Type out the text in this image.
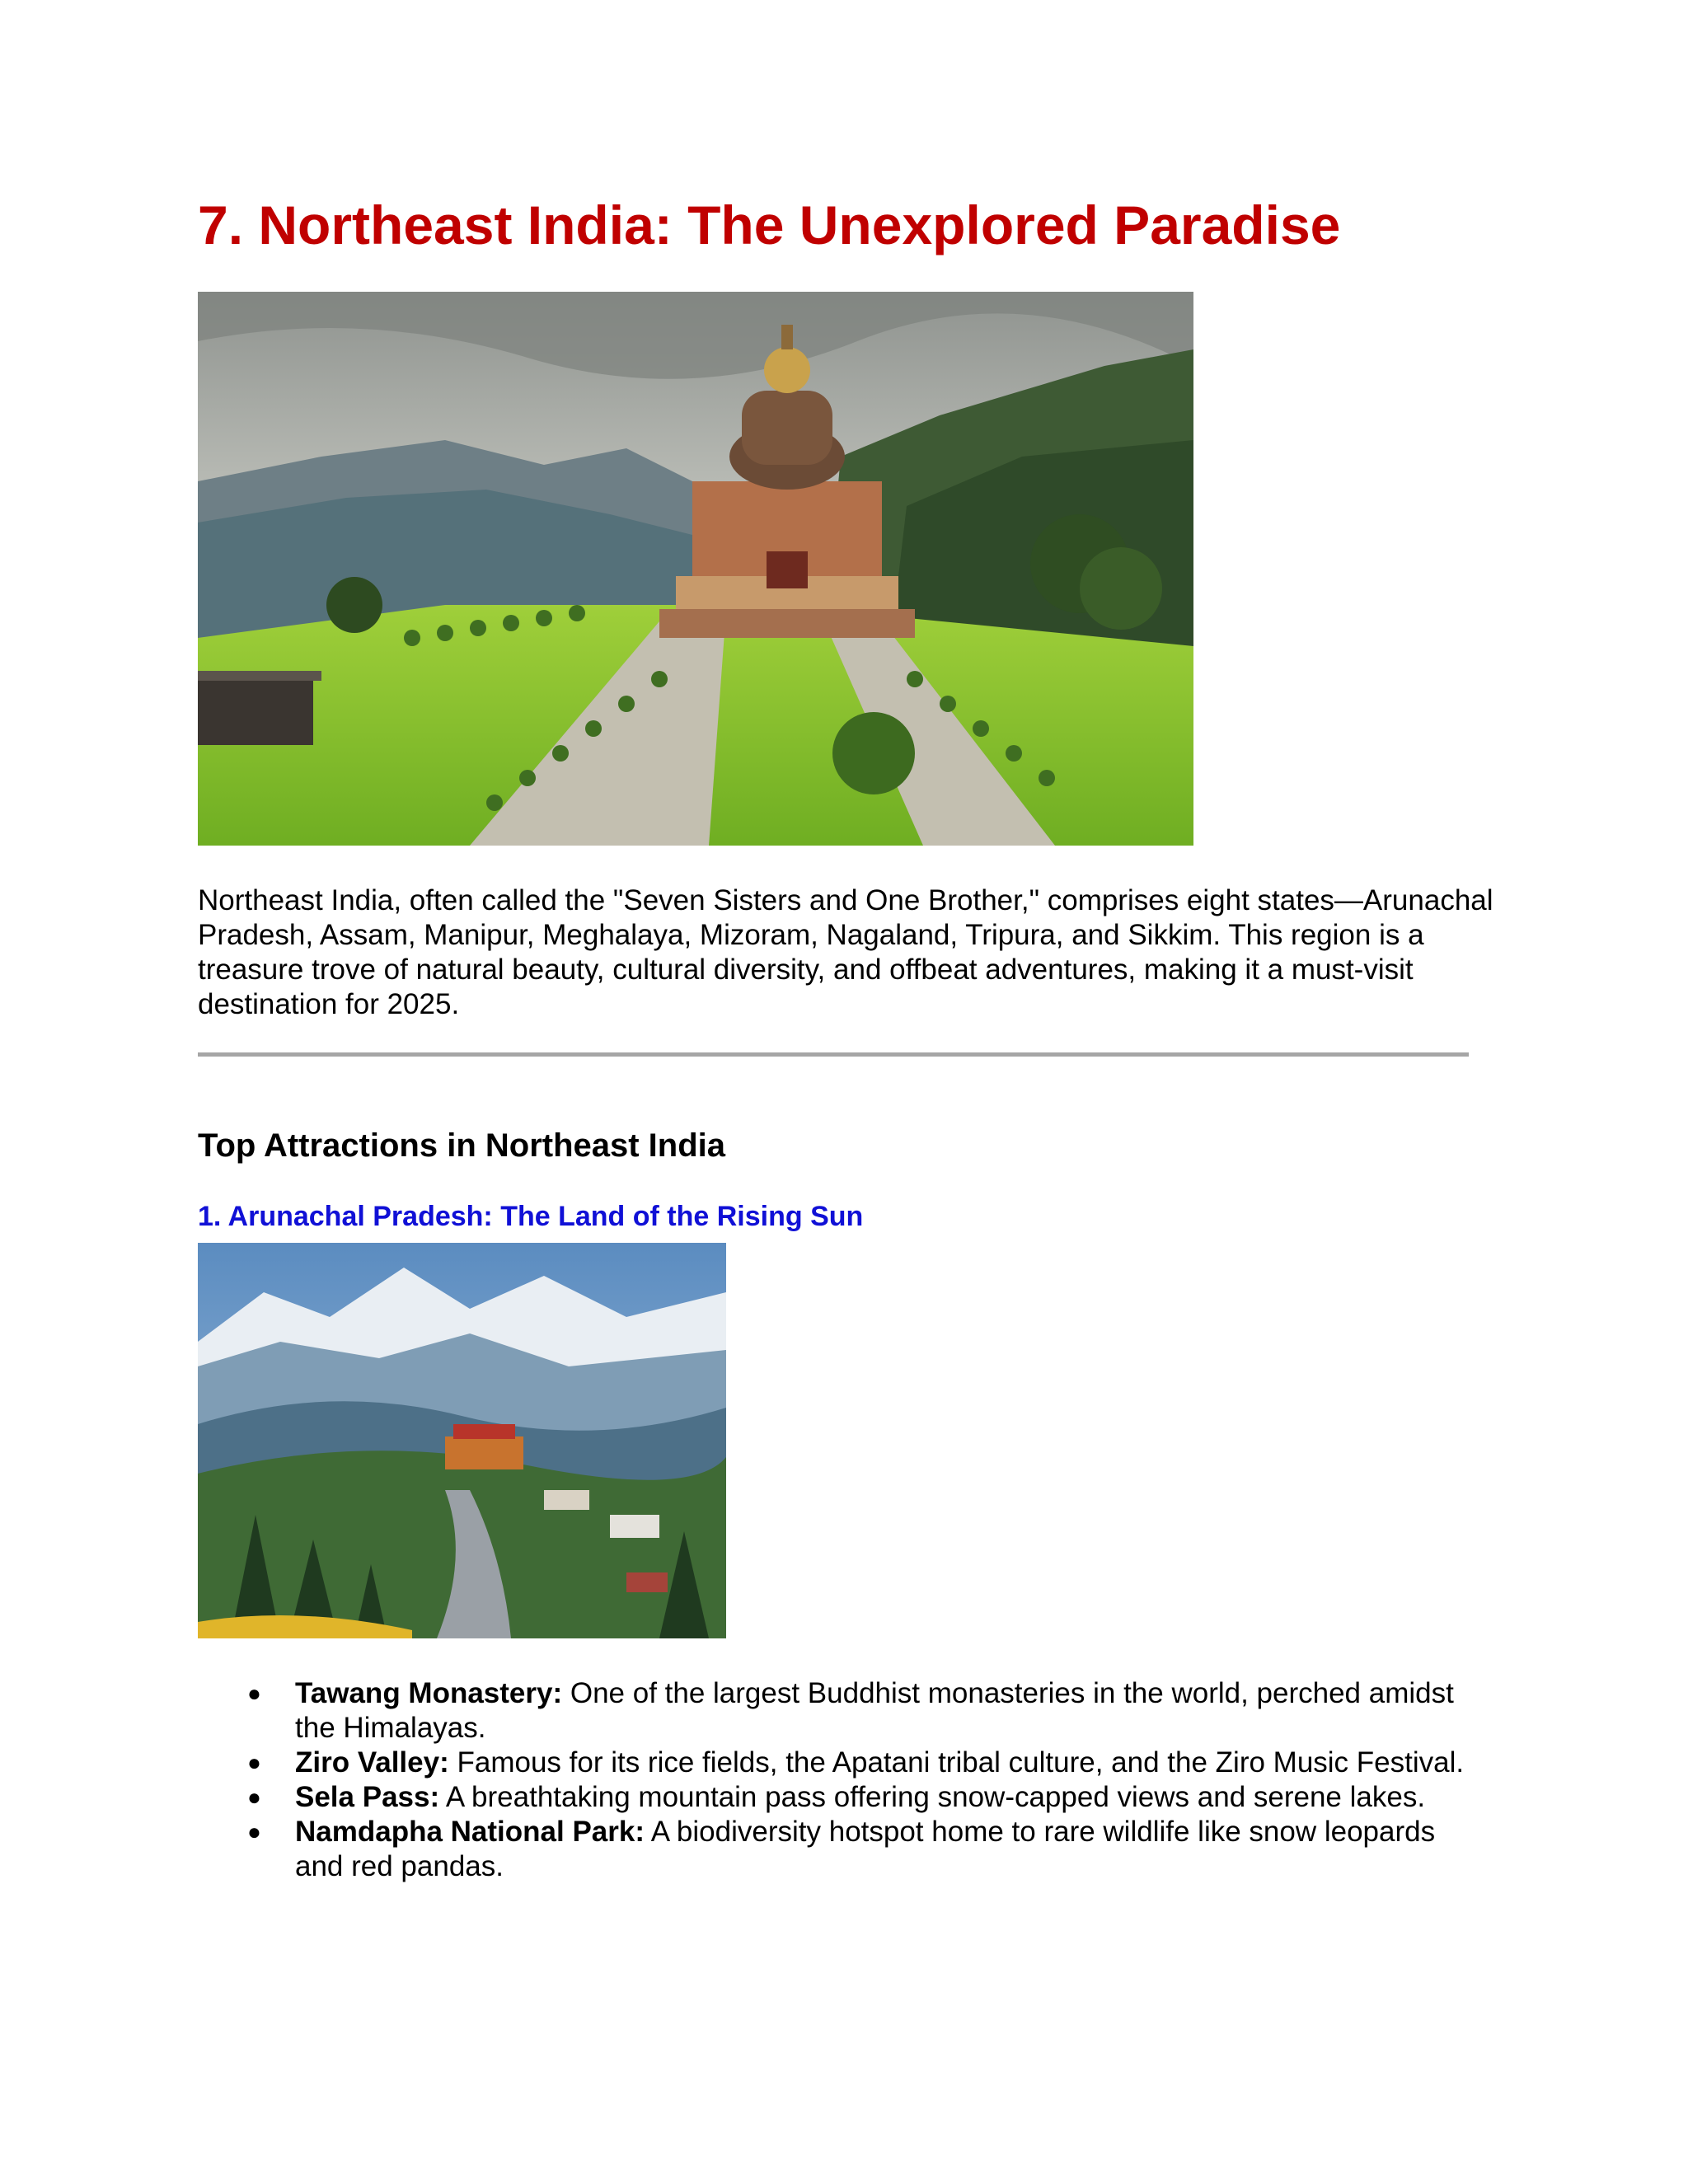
7. Northeast India: The Unexplored Paradise

Northeast India, often called the "Seven Sisters and One Brother," comprises eight states—Arunachal Pradesh, Assam, Manipur, Meghalaya, Mizoram, Nagaland, Tripura, and Sikkim. This region is a treasure trove of natural beauty, cultural diversity, and offbeat adventures, making it a must-visit destination for 2025.

Top Attractions in Northeast India
1. Arunachal Pradesh: The Land of the Rising Sun
● Tawang Monastery: One of the largest Buddhist monasteries in the world, perched amidst the Himalayas.
● Ziro Valley: Famous for its rice fields, the Apatani tribal culture, and the Ziro Music Festival.
● Sela Pass: A breathtaking mountain pass offering snow-capped views and serene lakes.
● Namdapha National Park: A biodiversity hotspot home to rare wildlife like snow leopards and red pandas.
